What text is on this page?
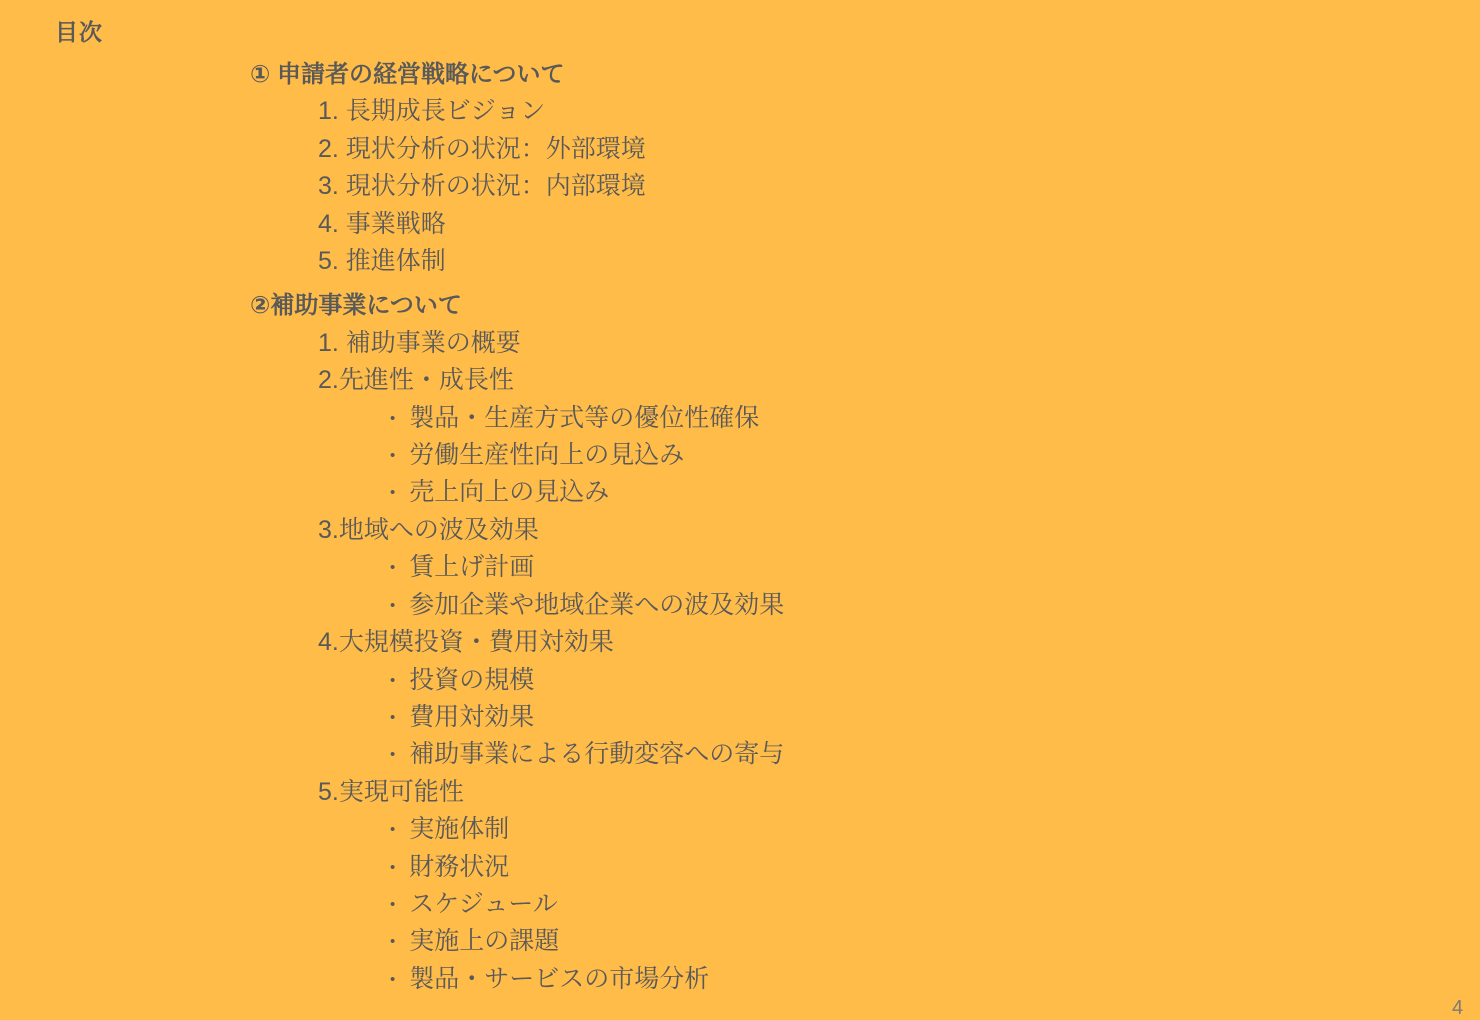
目次
① 申請者の経営戦略について
1. 長期成長ビジョン
2. 現状分析の状況：外部環境
3. 現状分析の状況：内部環境
4. 事業戦略
5. 推進体制
②補助事業について
1. 補助事業の概要
2.先進性・成長性
• 製品・生産方式等の優位性確保
• 労働生産性向上の見込み
• 売上向上の見込み
3.地域への波及効果
• 賃上げ計画
• 参加企業や地域企業への波及効果
4.大規模投資・費用対効果
• 投資の規模
• 費用対効果
• 補助事業による行動変容への寄与
5.実現可能性
• 実施体制
• 財務状況
• スケジュール
• 実施上の課題
• 製品・サービスの市場分析
4
